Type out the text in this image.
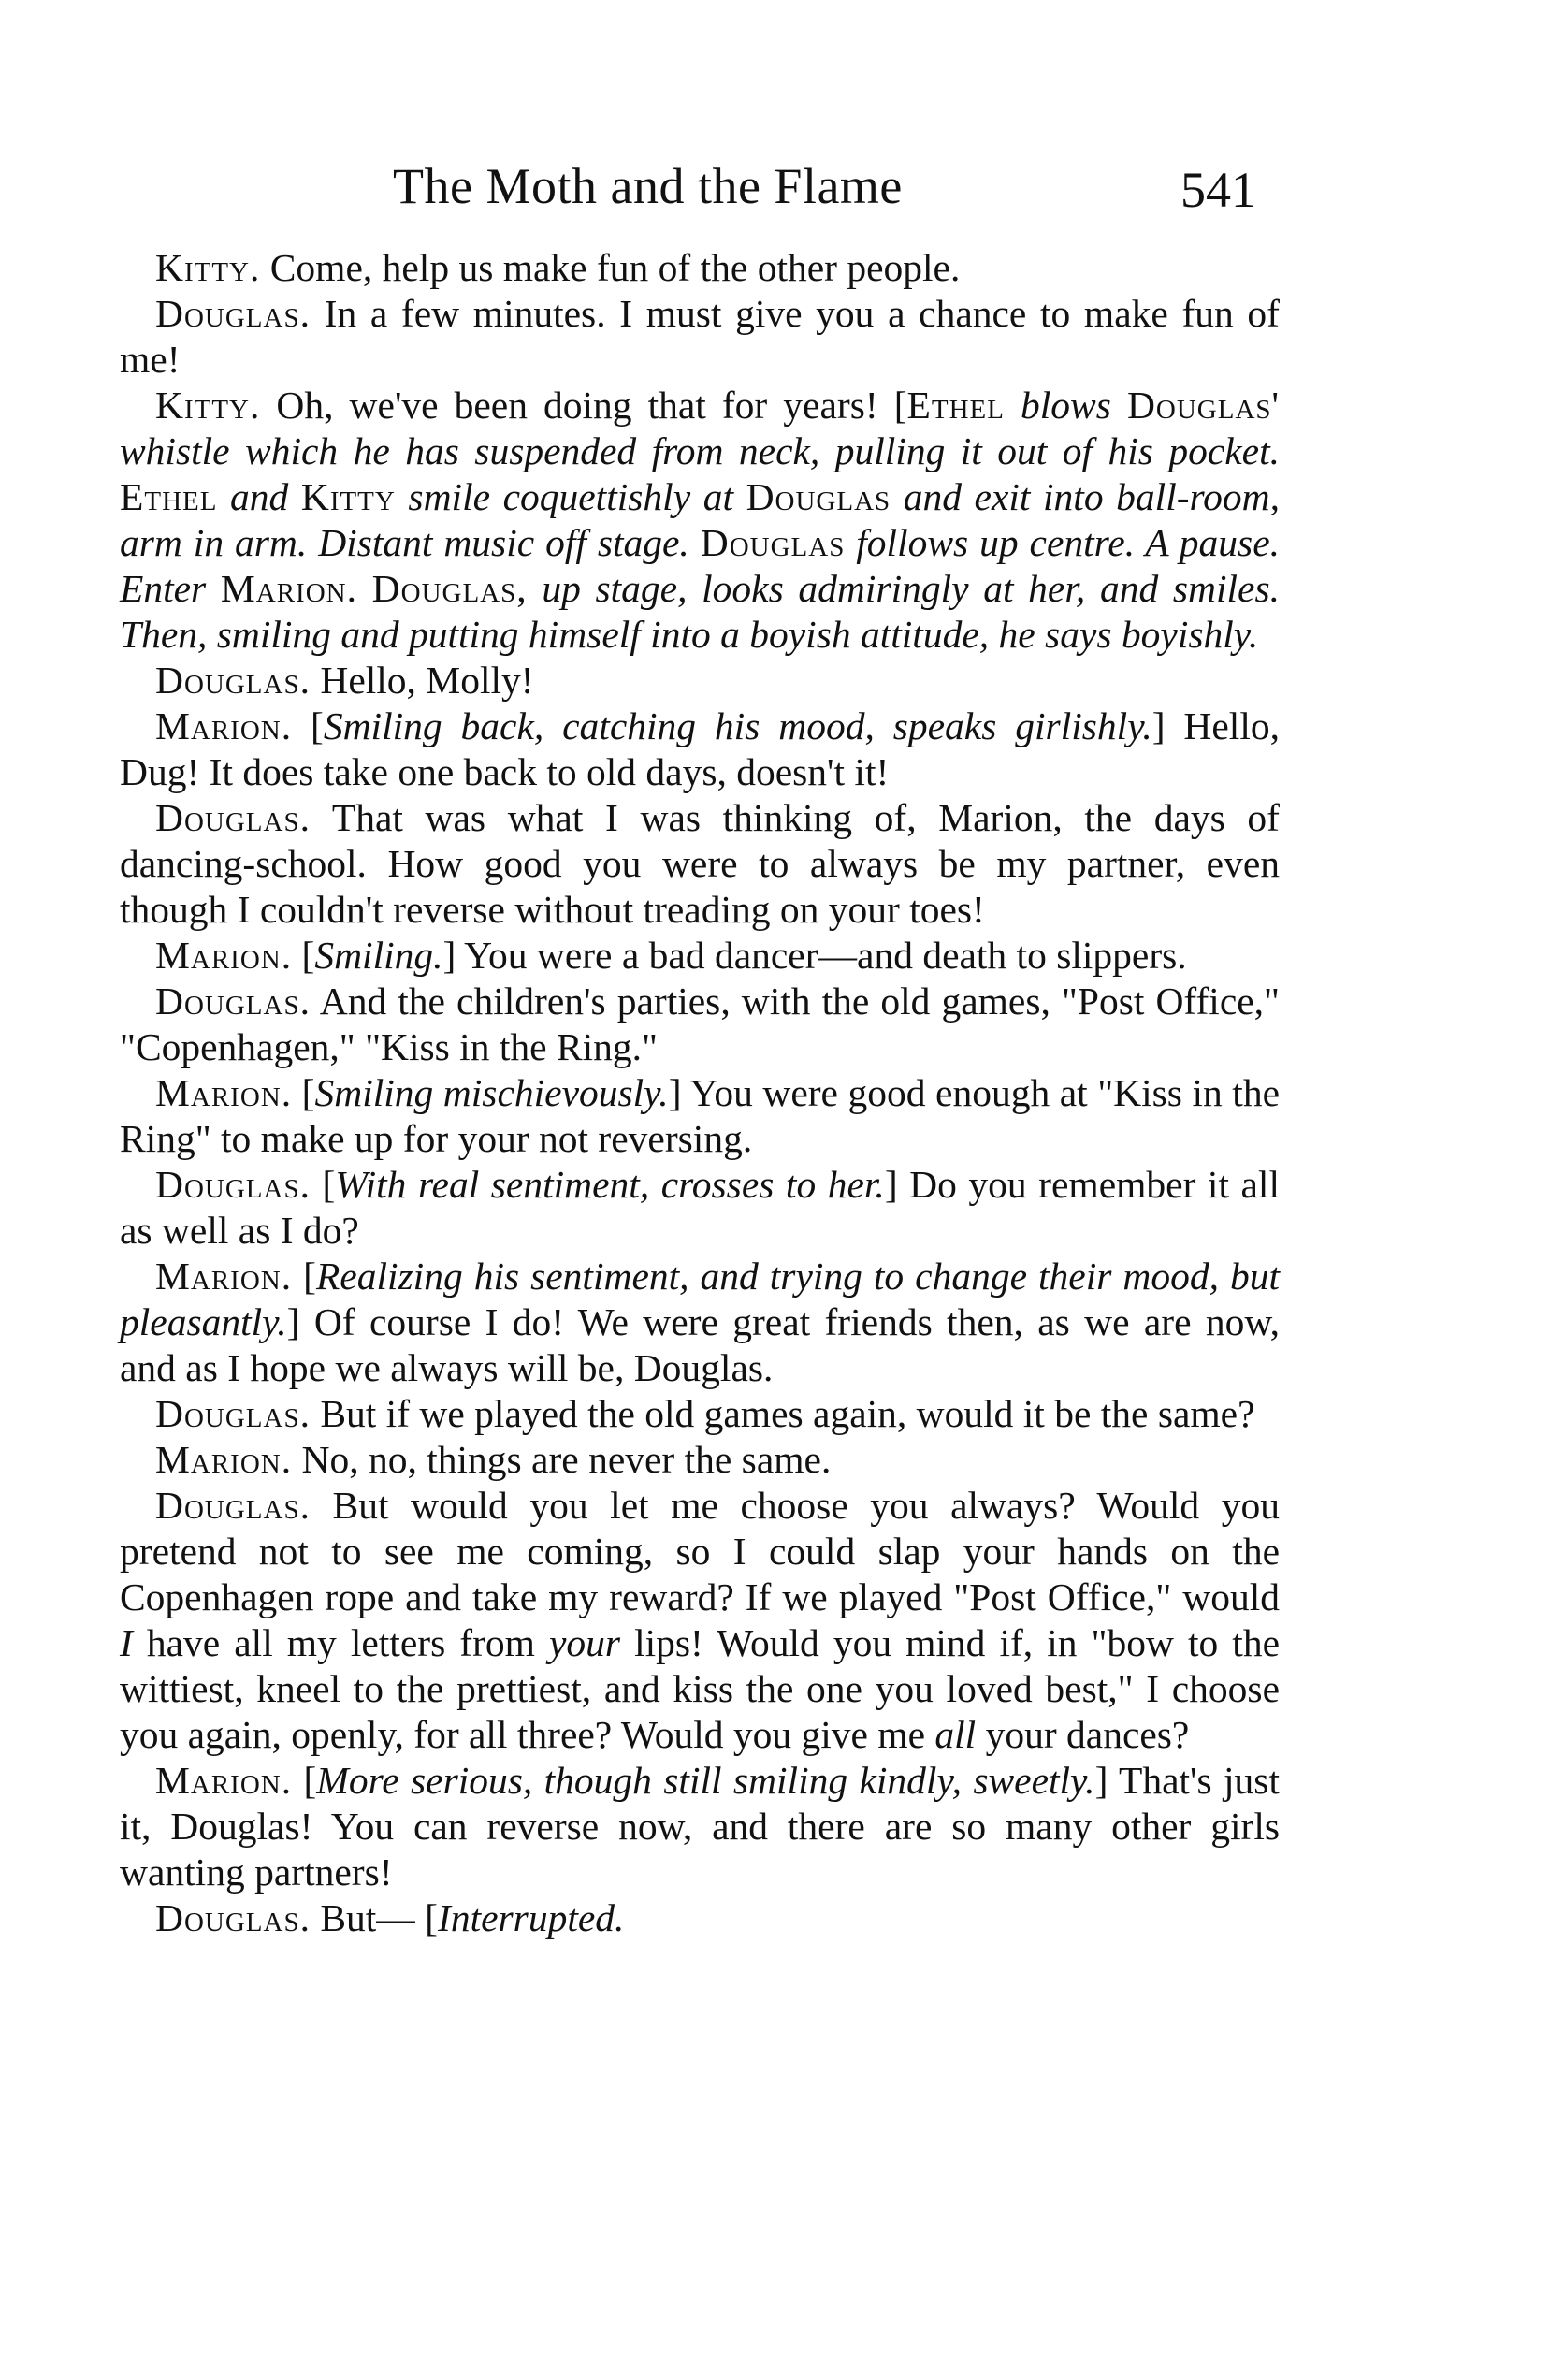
The Moth and the Flame	541

Kitty. Come, help us make fun of the other people.

Douglas. In a few minutes. I must give you a chance to make fun of me!

Kitty. Oh, we've been doing that for years! [Ethel blows Douglas' whistle which he has suspended from neck, pulling it out of his pocket. Ethel and Kitty smile coquettishly at Douglas and exit into ball-room, arm in arm. Distant music off stage. Douglas follows up centre. A pause. Enter Marion. Douglas, up stage, looks admiringly at her, and smiles. Then, smiling and putting himself into a boyish attitude, he says boyishly.

Douglas. Hello, Molly!

Marion. [Smiling back, catching his mood, speaks girlishly.] Hello, Dug! It does take one back to old days, doesn't it!

Douglas. That was what I was thinking of, Marion, the days of dancing-school. How good you were to always be my partner, even though I couldn't reverse without treading on your toes!

Marion. [Smiling.] You were a bad dancer—and death to slippers.

Douglas. And the children's parties, with the old games, "Post Office," "Copenhagen," "Kiss in the Ring."

Marion. [Smiling mischievously.] You were good enough at "Kiss in the Ring" to make up for your not reversing.

Douglas. [With real sentiment, crosses to her.] Do you remember it all as well as I do?

Marion. [Realizing his sentiment, and trying to change their mood, but pleasantly.] Of course I do! We were great friends then, as we are now, and as I hope we always will be, Douglas.

Douglas. But if we played the old games again, would it be the same?

Marion. No, no, things are never the same.

Douglas. But would you let me choose you always? Would you pretend not to see me coming, so I could slap your hands on the Copenhagen rope and take my reward? If we played "Post Office," would I have all my letters from your lips! Would you mind if, in "bow to the wittiest, kneel to the prettiest, and kiss the one you loved best," I choose you again, openly, for all three? Would you give me all your dances?

Marion. [More serious, though still smiling kindly, sweetly.] That's just it, Douglas! You can reverse now, and there are so many other girls wanting partners!

Douglas. But— [Interrupted.
